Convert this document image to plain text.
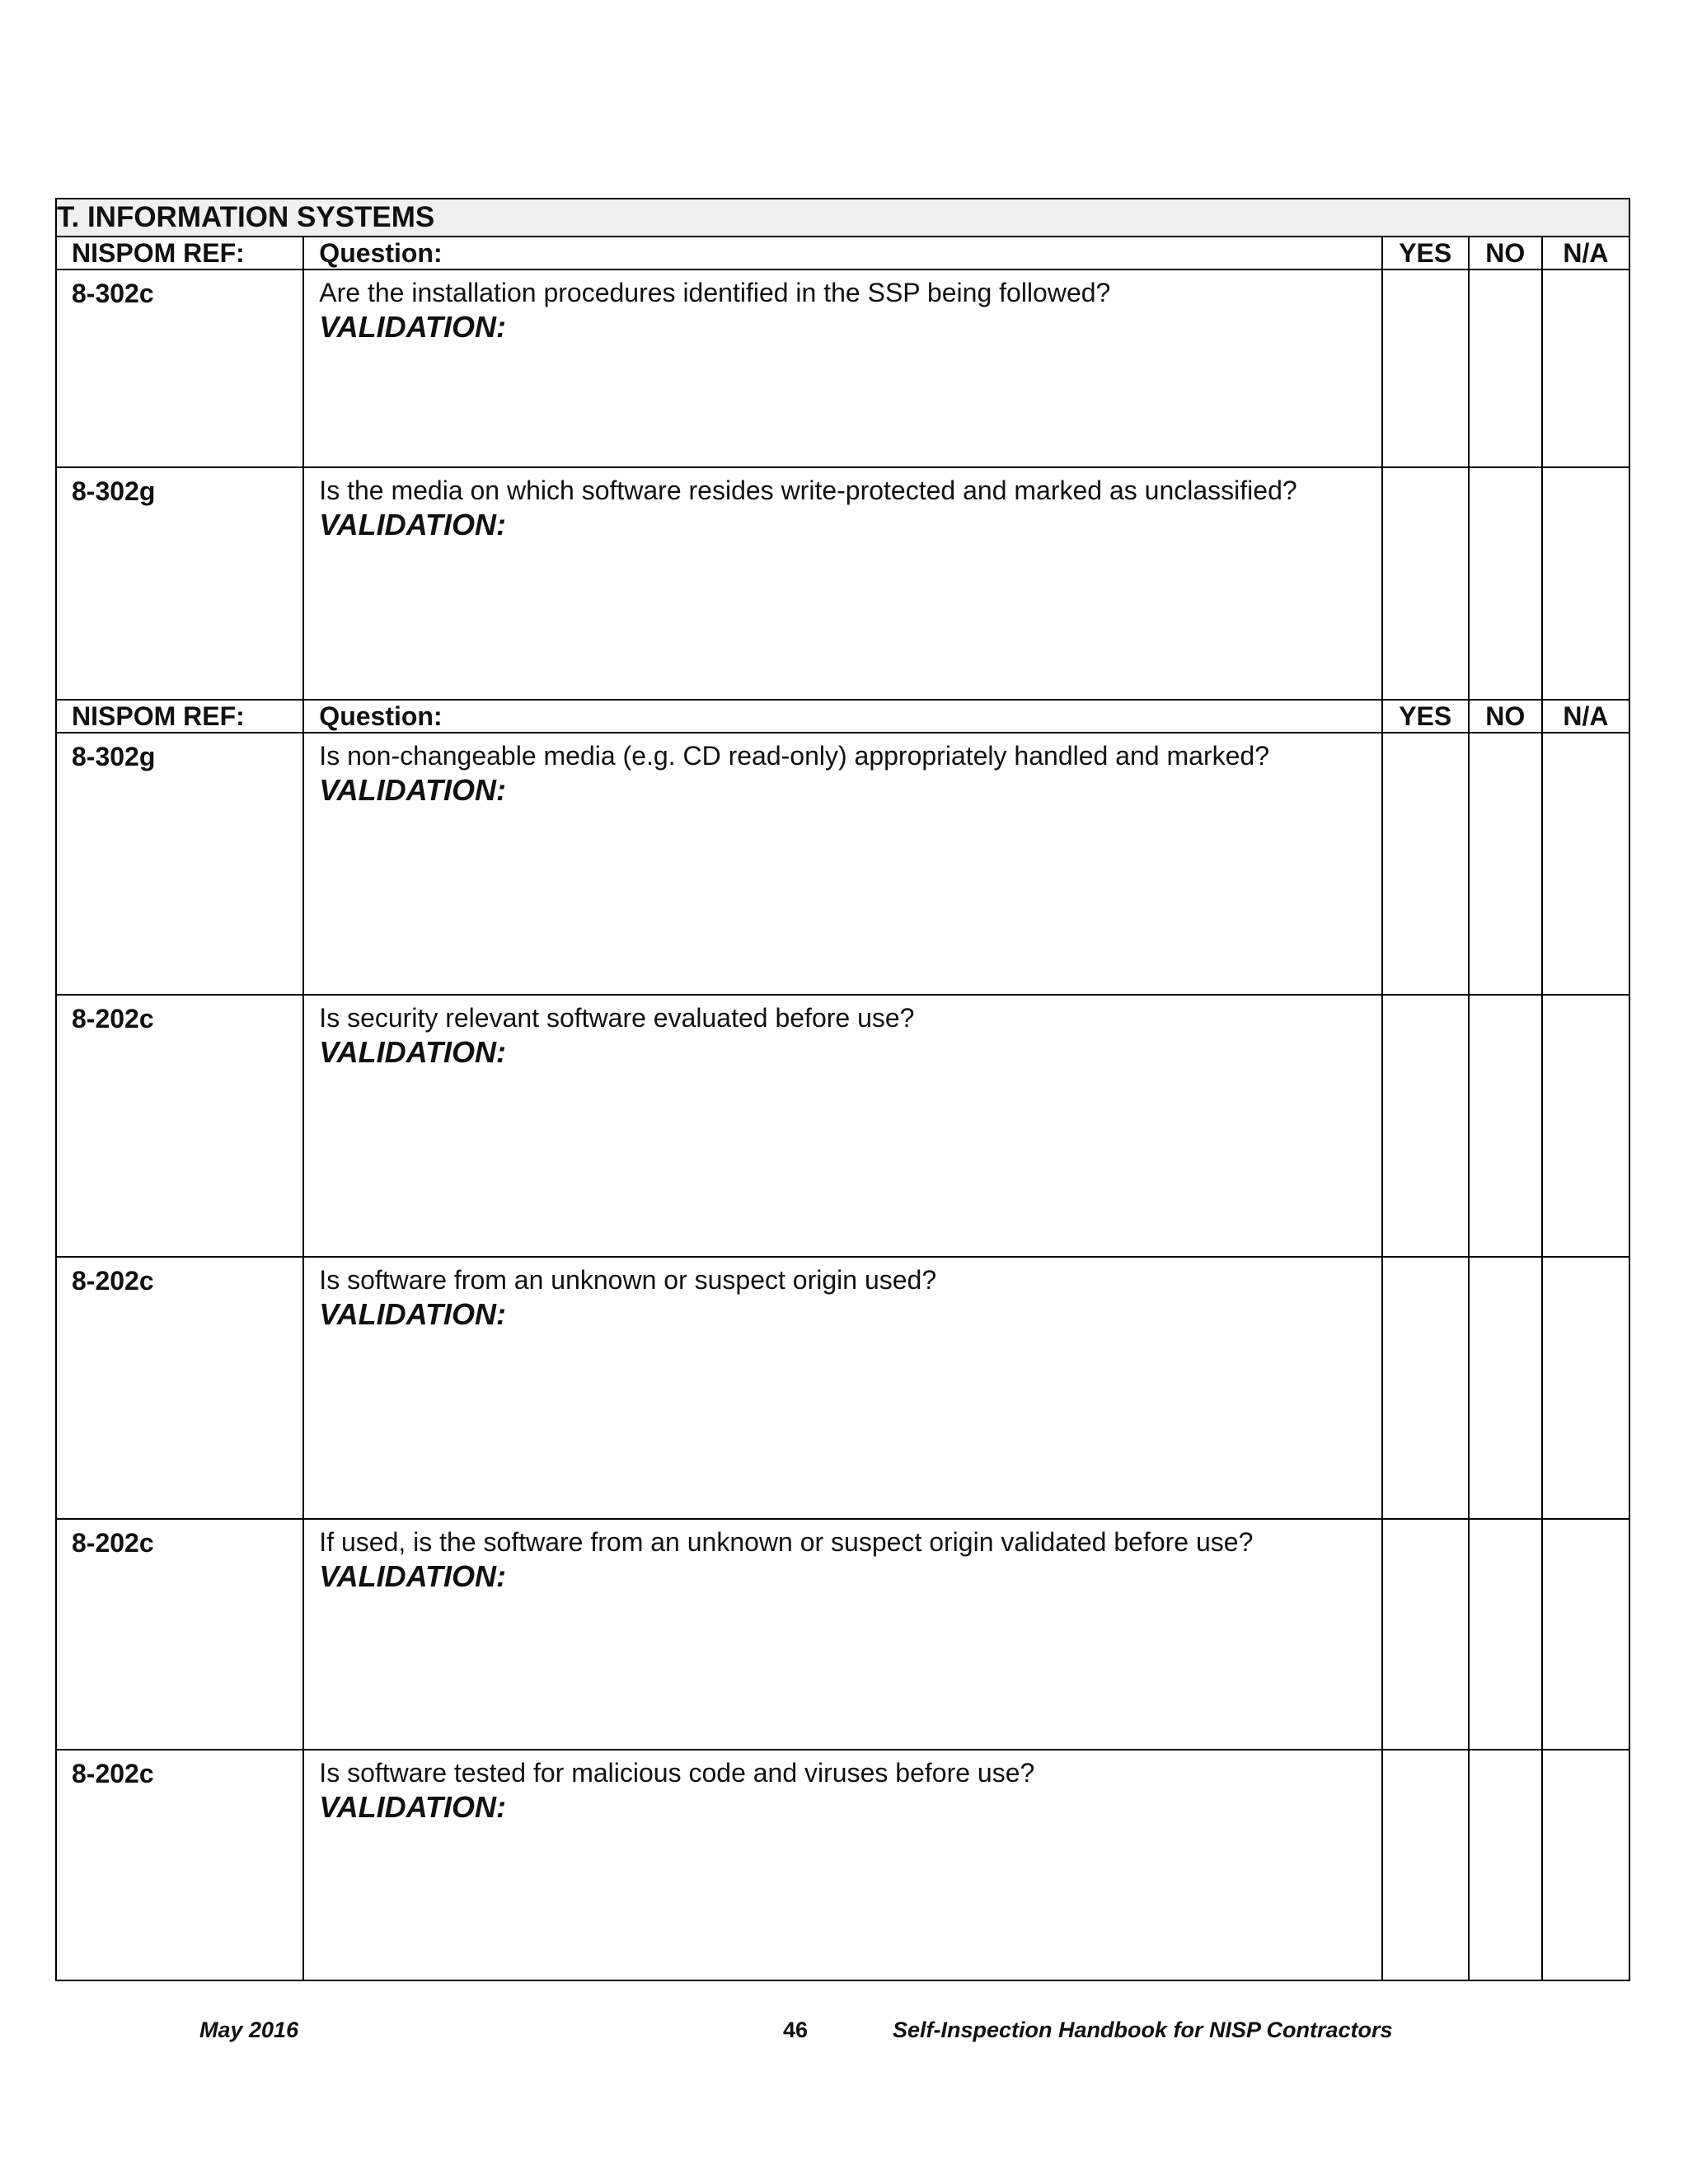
T. INFORMATION SYSTEMS				
NISPOM REF:	Question:	YES	NO	N/A
8-302c	Are the installation procedures identified in the SSP being followed?
VALIDATION:			

8-302g	Is the media on which software resides write-protected and marked as unclassified?
VALIDATION:			

NISPOM REF:	Question:	YES	NO	N/A
8-302g	Is non-changeable media (e.g. CD read-only) appropriately handled and marked?
VALIDATION:			

8-202c	Is security relevant software evaluated before use?
VALIDATION:			

8-202c	Is software from an unknown or suspect origin used?
VALIDATION:			

8-202c	If used, is the software from an unknown or suspect origin validated before use?
VALIDATION:			

8-202c	Is software tested for malicious code and viruses before use?
VALIDATION:			

May 2016	46	Self-Inspection Handbook for NISP Contractors
